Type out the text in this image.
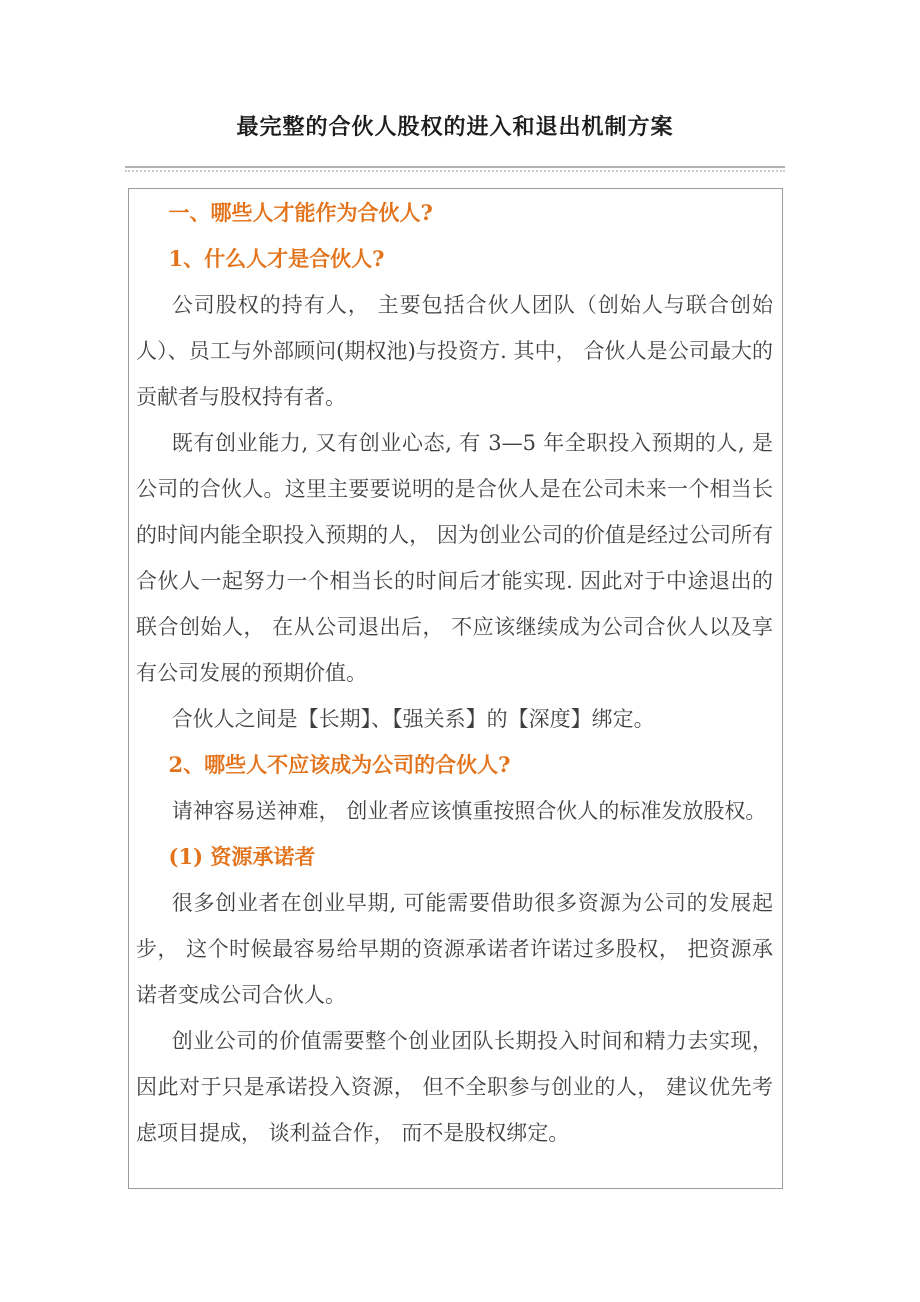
最完整的合伙人股权的进入和退出机制方案
一、哪些人才能作为合伙人?
1、什么人才是合伙人?
公司股权的持有人， 主要包括合伙人团队（创始人与联合创始人）、员工与外部顾问(期权池)与投资方. 其中， 合伙人是公司最大的贡献者与股权持有者。
既有创业能力, 又有创业心态, 有 3—5 年全职投入预期的人, 是公司的合伙人。这里主要要说明的是合伙人是在公司未来一个相当长的时间内能全职投入预期的人， 因为创业公司的价值是经过公司所有合伙人一起努力一个相当长的时间后才能实现. 因此对于中途退出的联合创始人， 在从公司退出后， 不应该继续成为公司合伙人以及享有公司发展的预期价值。
合伙人之间是【长期】、【强关系】的【深度】绑定。
2、哪些人不应该成为公司的合伙人?
请神容易送神难， 创业者应该慎重按照合伙人的标准发放股权。
(1) 资源承诺者
很多创业者在创业早期, 可能需要借助很多资源为公司的发展起步， 这个时候最容易给早期的资源承诺者许诺过多股权， 把资源承诺者变成公司合伙人。
创业公司的价值需要整个创业团队长期投入时间和精力去实现， 因此对于只是承诺投入资源， 但不全职参与创业的人， 建议优先考虑项目提成， 谈利益合作， 而不是股权绑定。
